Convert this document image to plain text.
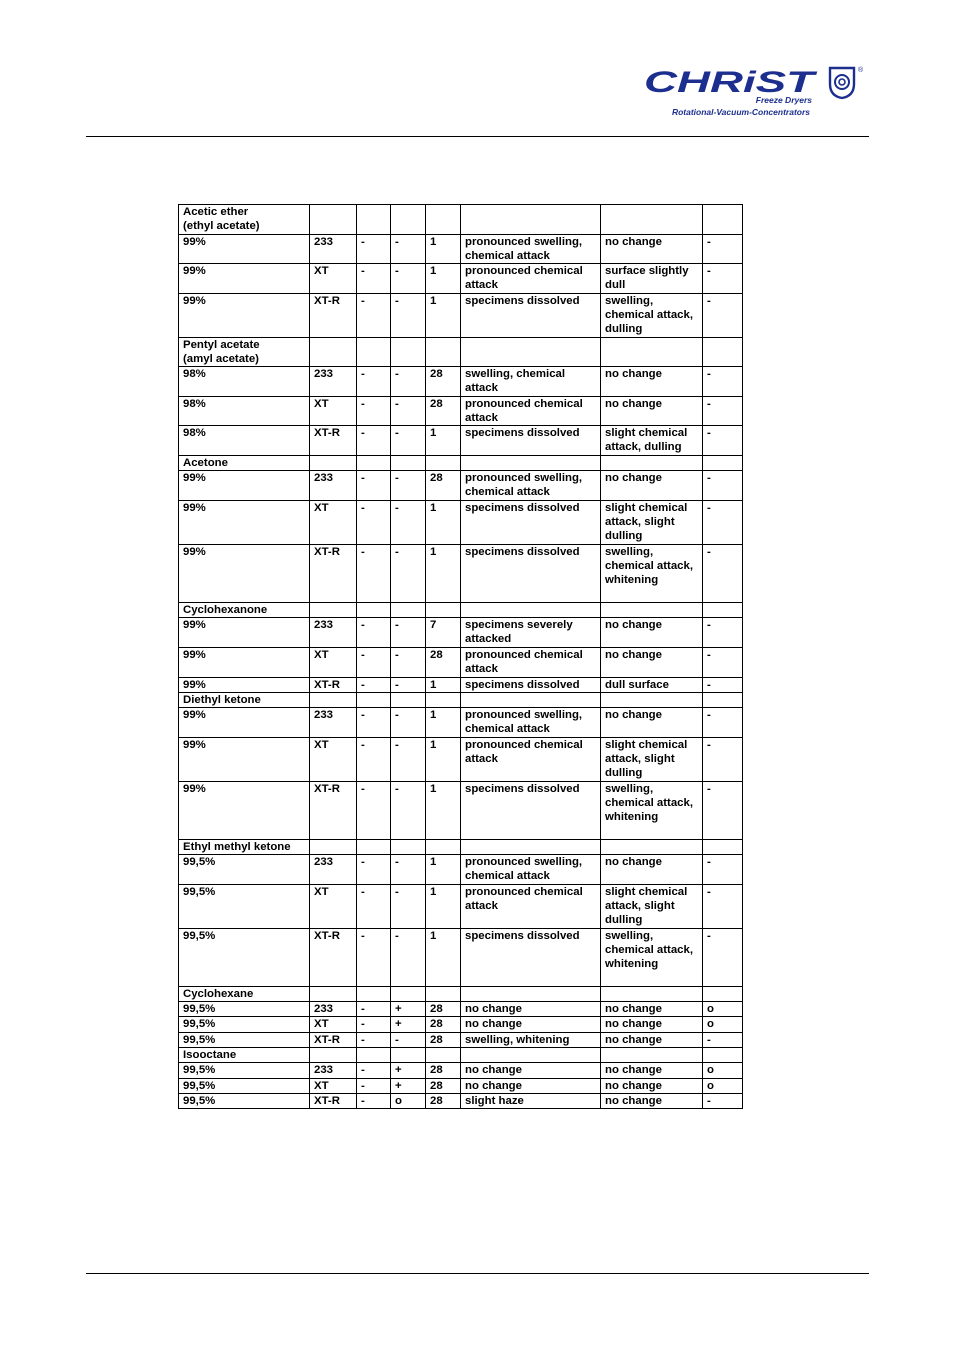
CHRiST	®
Freeze Dryers
Rotational-Vacuum-Concentrators
Acetic ether
(ethyl acetate)							

99%	233	-	-	1	pronounced swelling, chemical attack	no change	-
99%	XT	-	-	1	pronounced chemical attack	surface slightly dull	-
99%	XT-R	-	-	1	specimens dissolved	swelling, chemical attack, dulling	-

Pentyl acetate
(amyl acetate)							

98%	233	-	-	28	swelling, chemical attack	no change	-
98%	XT	-	-	28	pronounced chemical attack	no change	-
98%	XT-R	-	-	1	specimens dissolved	slight chemical attack, dulling	-

Acetone							

99%	233	-	-	28	pronounced swelling, chemical attack	no change	-
99%	XT	-	-	1	specimens dissolved	slight chemical attack, slight dulling	-
99%	XT-R	-	-	1	specimens dissolved	swelling, chemical attack, whitening	-

Cyclohexanone							

99%	233	-	-	7	specimens severely attacked	no change	-
99%	XT	-	-	28	pronounced chemical attack	no change	-
99%	XT-R	-	-	1	specimens dissolved	dull surface	-

Diethyl ketone							

99%	233	-	-	1	pronounced swelling, chemical attack	no change	-
99%	XT	-	-	1	pronounced chemical attack	slight chemical attack, slight dulling	-
99%	XT-R	-	-	1	specimens dissolved	swelling, chemical attack, whitening	-

Ethyl methyl ketone							

99,5%	233	-	-	1	pronounced swelling, chemical attack	no change	-
99,5%	XT	-	-	1	pronounced chemical attack	slight chemical attack, slight dulling	-
99,5%	XT-R	-	-	1	specimens dissolved	swelling, chemical attack, whitening	-

Cyclohexane							

99,5%	233	-	+	28	no change	no change	o
99,5%	XT	-	+	28	no change	no change	o
99,5%	XT-R	-	-	28	swelling, whitening	no change	-

Isooctane							

99,5%	233	-	+	28	no change	no change	o
99,5%	XT	-	+	28	no change	no change	o
99,5%	XT-R	-	o	28	slight haze	no change	-
